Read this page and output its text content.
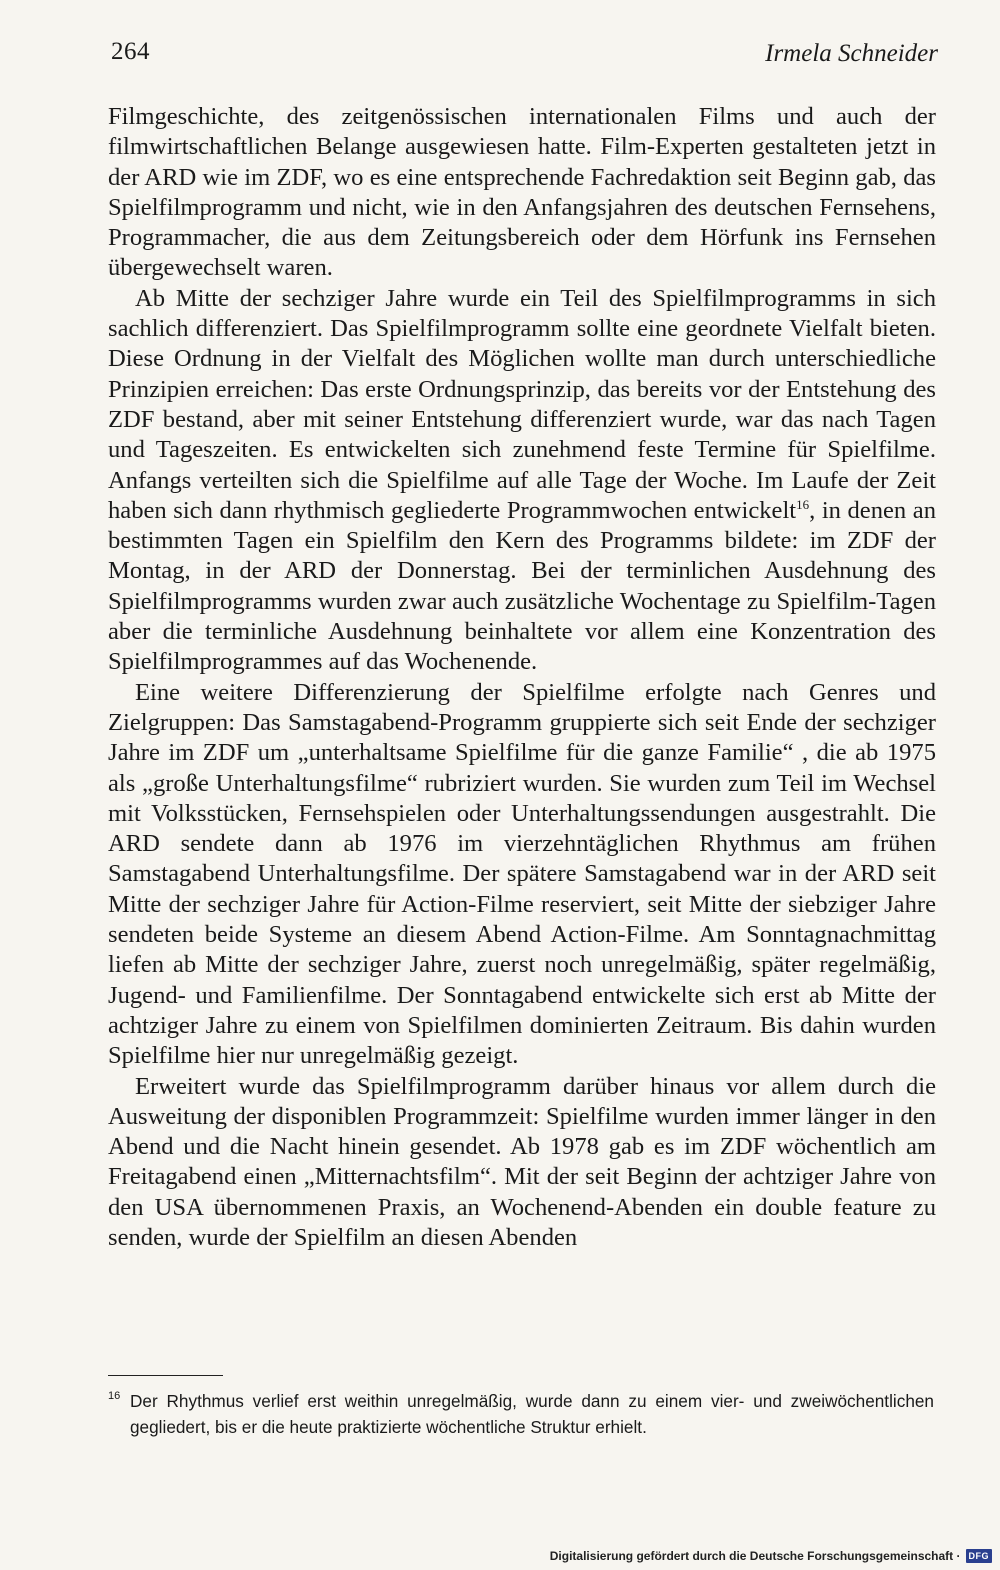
264	Irmela Schneider

Filmgeschichte, des zeitgenössischen internationalen Films und auch der filmwirtschaftlichen Belange ausgewiesen hatte. Film-Experten gestalteten jetzt in der ARD wie im ZDF, wo es eine entsprechende Fachredaktion seit Beginn gab, das Spielfilmprogramm und nicht, wie in den Anfangsjahren des deutschen Fernsehens, Programmacher, die aus dem Zeitungsbereich oder dem Hörfunk ins Fernsehen übergewechselt waren.

Ab Mitte der sechziger Jahre wurde ein Teil des Spielfilmprogramms in sich sachlich differenziert. Das Spielfilmprogramm sollte eine geordnete Vielfalt bieten. Diese Ordnung in der Vielfalt des Möglichen wollte man durch unterschiedliche Prinzipien erreichen: Das erste Ordnungsprinzip, das bereits vor der Entstehung des ZDF bestand, aber mit seiner Entstehung differenziert wurde, war das nach Tagen und Tageszeiten. Es entwickelten sich zunehmend feste Termine für Spielfilme. Anfangs verteilten sich die Spielfilme auf alle Tage der Woche. Im Laufe der Zeit haben sich dann rhythmisch gegliederte Programmwochen entwickelt$^{16}$, in denen an bestimmten Tagen ein Spielfilm den Kern des Programms bildete: im ZDF der Montag, in der ARD der Donnerstag. Bei der terminlichen Ausdehnung des Spielfilmprogramms wurden zwar auch zusätzliche Wochentage zu Spielfilm-Tagen aber die terminliche Ausdehnung beinhaltete vor allem eine Konzentration des Spielfilmprogrammes auf das Wochenende.

Eine weitere Differenzierung der Spielfilme erfolgte nach Genres und Zielgruppen: Das Samstagabend-Programm gruppierte sich seit Ende der sechziger Jahre im ZDF um „unterhaltsame Spielfilme für die ganze Familie“ , die ab 1975 als „große Unterhaltungsfilme“ rubriziert wurden. Sie wurden zum Teil im Wechsel mit Volksstücken, Fernsehspielen oder Unterhaltungssendungen ausgestrahlt. Die ARD sendete dann ab 1976 im vierzehntäglichen Rhythmus am frühen Samstagabend Unterhaltungsfilme. Der spätere Samstagabend war in der ARD seit Mitte der sechziger Jahre für Action-Filme reserviert, seit Mitte der siebziger Jahre sendeten beide Systeme an diesem Abend Action-Filme. Am Sonntagnachmittag liefen ab Mitte der sechziger Jahre, zuerst noch unregelmäßig, später regelmäßig, Jugend- und Familienfilme. Der Sonntagabend entwickelte sich erst ab Mitte der achtziger Jahre zu einem von Spielfilmen dominierten Zeitraum. Bis dahin wurden Spielfilme hier nur unregelmäßig gezeigt.

Erweitert wurde das Spielfilmprogramm darüber hinaus vor allem durch die Ausweitung der disponiblen Programmzeit: Spielfilme wurden immer länger in den Abend und die Nacht hinein gesendet. Ab 1978 gab es im ZDF wöchentlich am Freitagabend einen „Mitternachtsfilm“. Mit der seit Beginn der achtziger Jahre von den USA übernommenen Praxis, an Wochenend-Abenden ein double feature zu senden, wurde der Spielfilm an diesen Abenden

16 Der Rhythmus verlief erst weithin unregelmäßig, wurde dann zu einem vier- und zweiwöchentlichen gegliedert, bis er die heute praktizierte wöchentliche Struktur erhielt.
Digitalisierung gefördert durch die Deutsche Forschungsgemeinschaft · DFG
